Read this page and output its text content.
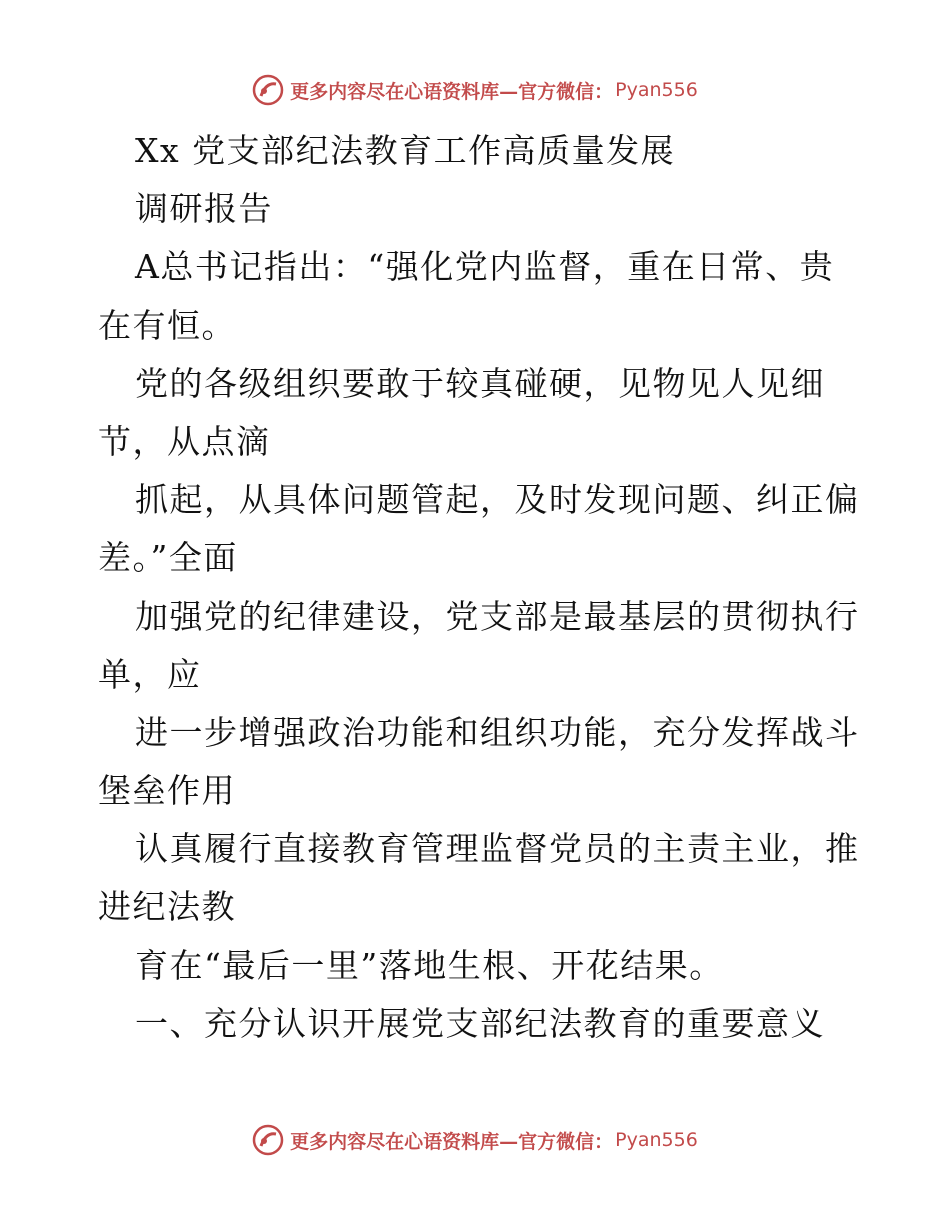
更多内容尽在心语资料库—官方微信： Pyan556
Xx 党支部纪法教育工作高质量发展
调研报告
A总书记指出：“强化党内监督，重在日常、贵
在有恒。
党的各级组织要敢于较真碰硬，见物见人见细
节，从点滴
抓起，从具体问题管起，及时发现问题、纠正偏
差。”全面
加强党的纪律建设，党支部是最基层的贯彻执行
单，应
进一步增强政治功能和组织功能，充分发挥战斗
堡垒作用
认真履行直接教育管理监督党员的主责主业，推
进纪法教
育在“最后一里”落地生根、开花结果。
一、充分认识开展党支部纪法教育的重要意义
更多内容尽在心语资料库—官方微信： Pyan556
